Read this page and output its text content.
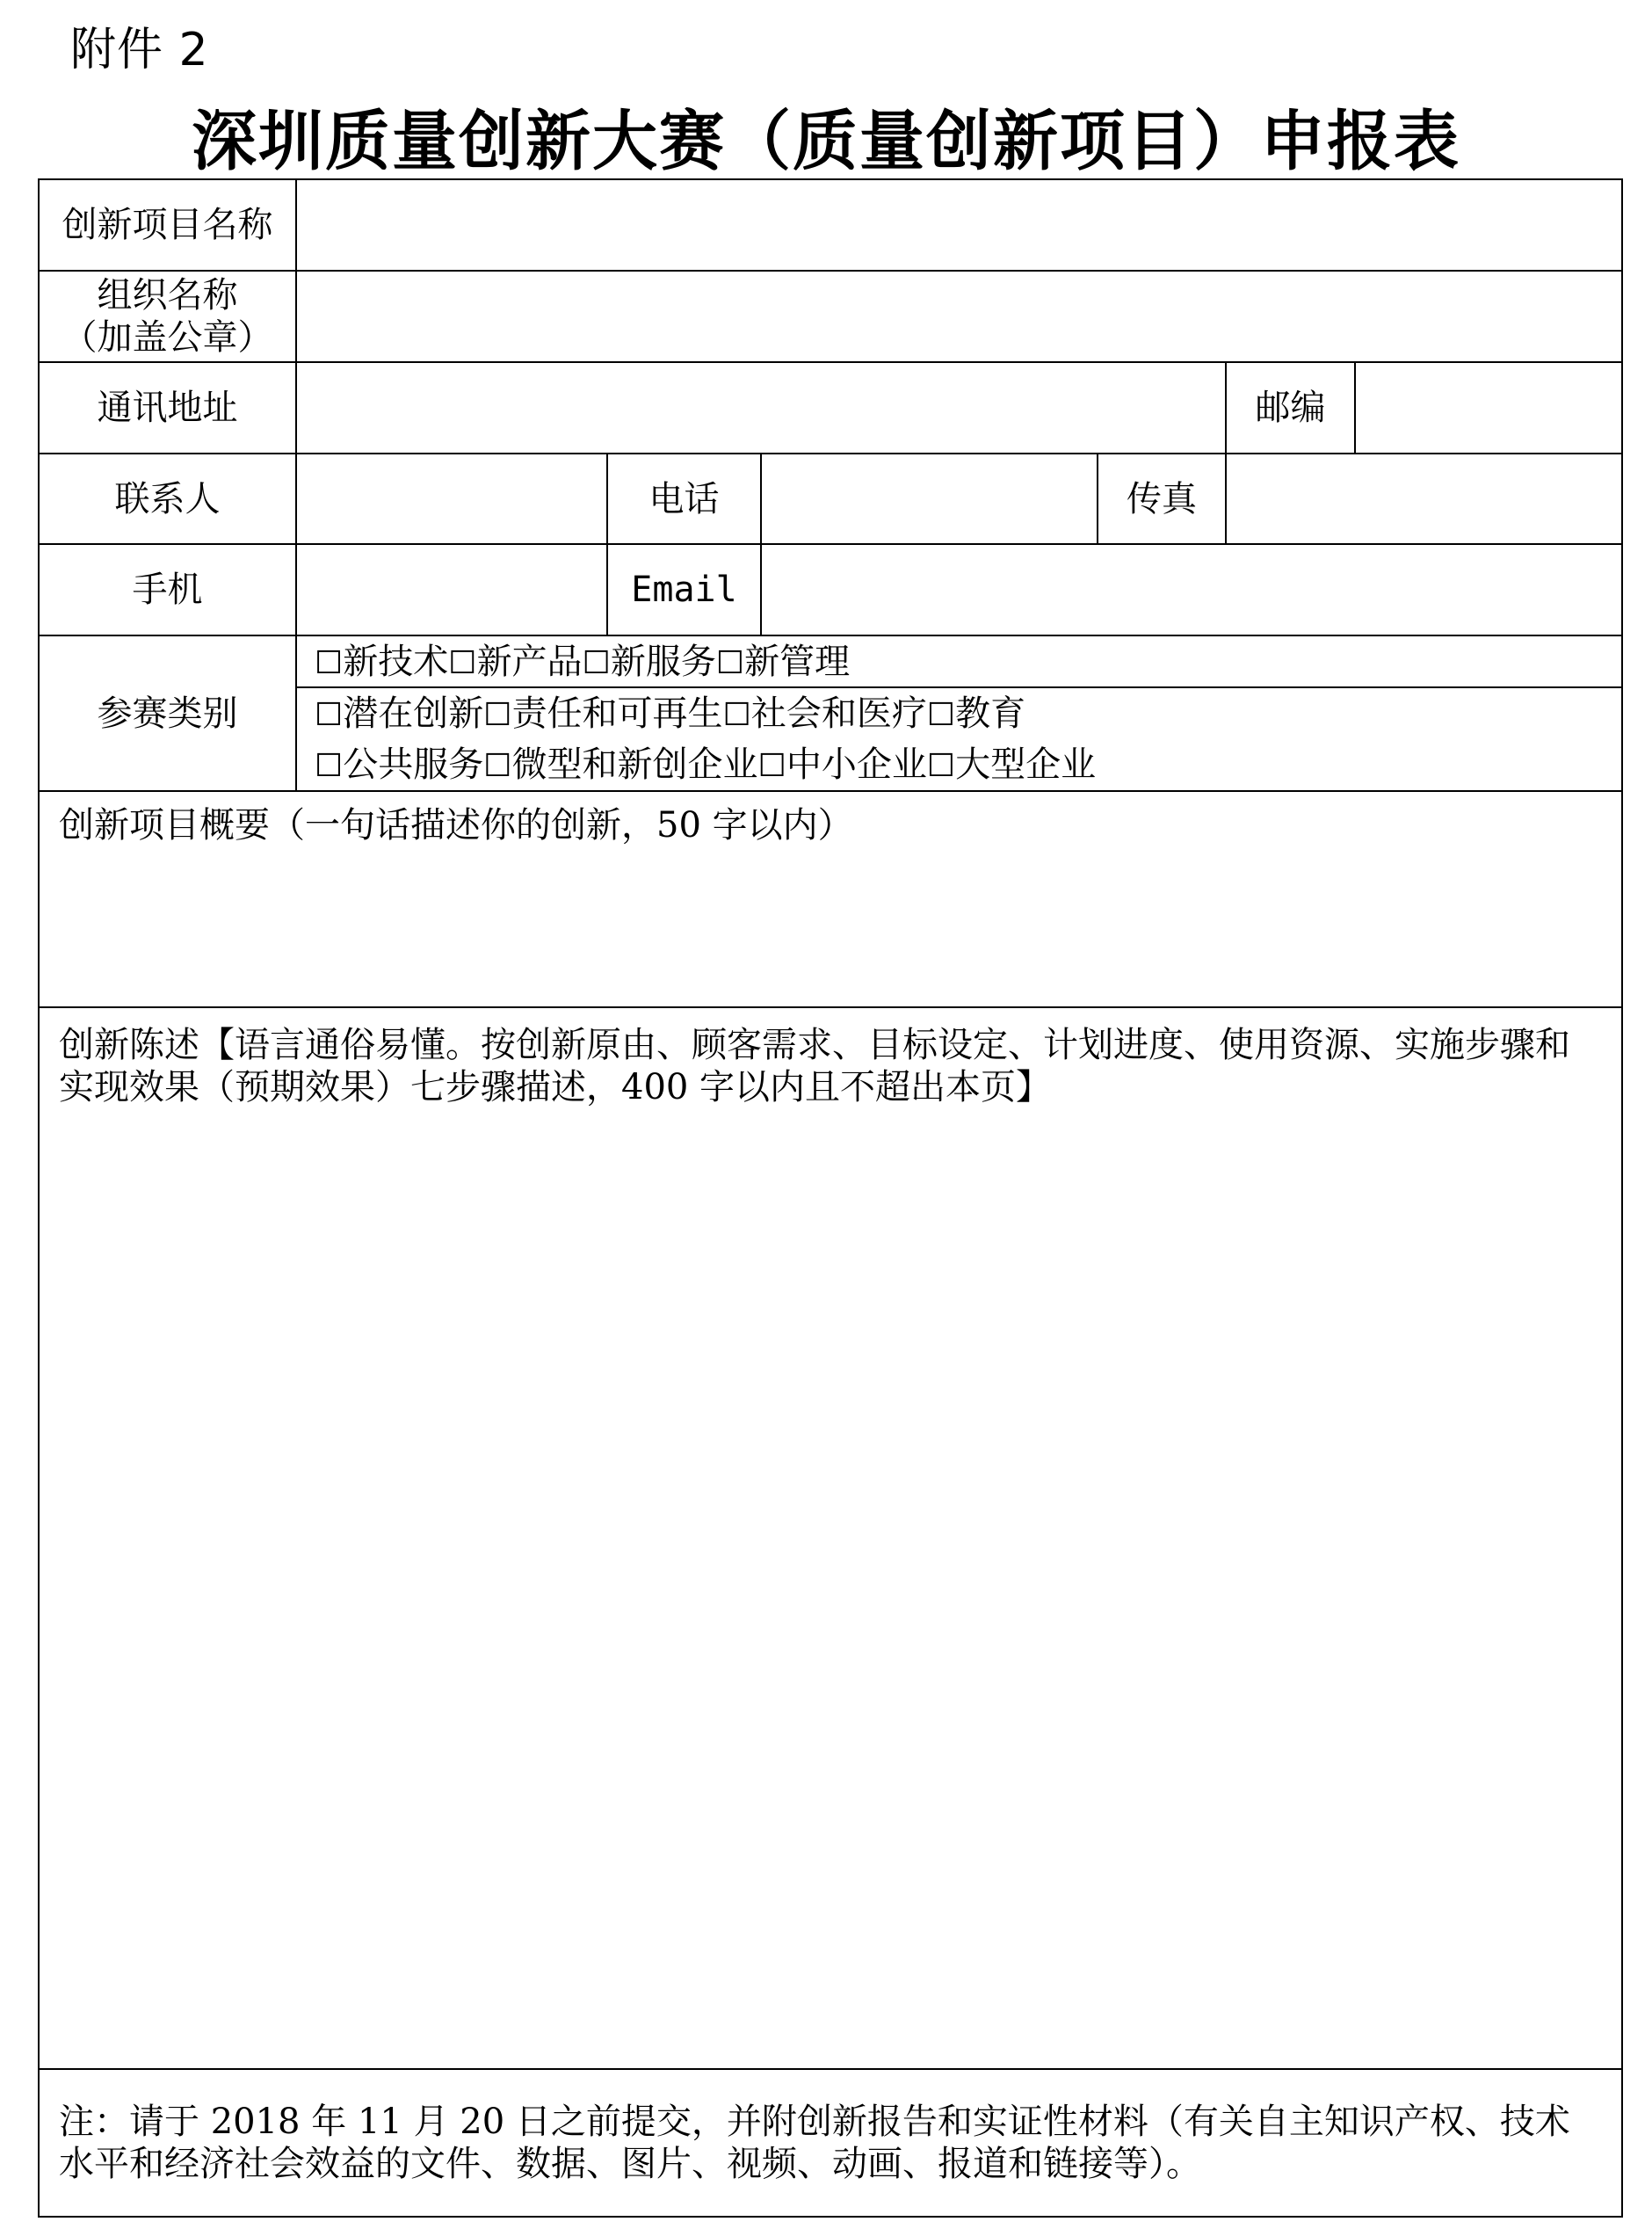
附件 2
深圳质量创新大赛（质量创新项目）申报表
创新项目名称						

组织名称
（加盖公章）						

通讯地址					邮编	
联系人		电话		传真		
手机		Email				
参赛类别	☐新技术☐新产品☐新服务☐新管理					
	☐潜在创新☐责任和可再生☐社会和医疗☐教育					
	☐公共服务☐微型和新创企业☐中小企业☐大型企业					

创新项目概要（一句话描述你的创新，50 字以内）						

创新陈述【语言通俗易懂。按创新原由、顾客需求、目标设定、计划进度、使用资源、实施步骤和实现效果（预期效果）七步骤描述，400 字以内且不超出本页】						

注：请于 2018 年 11 月 20 日之前提交，并附创新报告和实证性材料（有关自主知识产权、技术水平和经济社会效益的文件、数据、图片、视频、动画、报道和链接等）。						
